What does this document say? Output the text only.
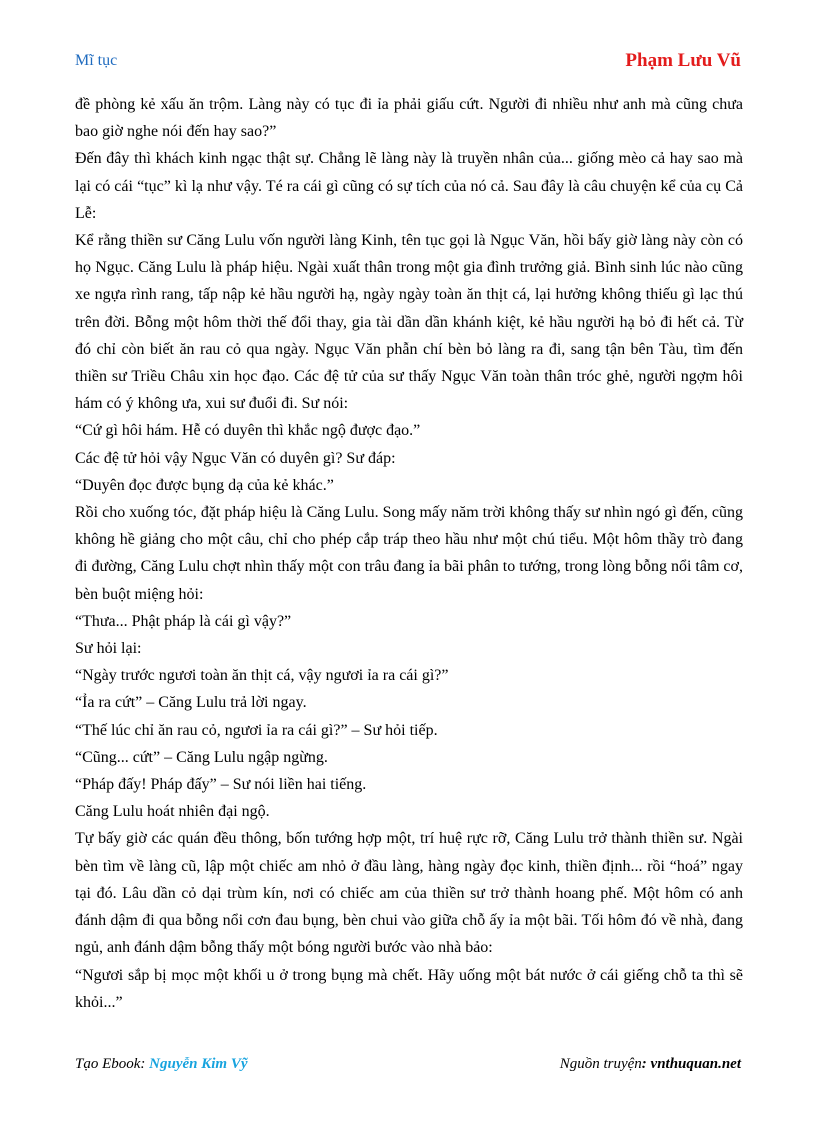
Mĩ tục	Phạm Lưu Vũ

đề phòng kẻ xấu ăn trộm. Làng này có tục đi ỉa phải giấu cứt. Người đi nhiều như anh mà cũng chưa bao giờ nghe nói đến hay sao?”

Đến đây thì khách kinh ngạc thật sự. Chẳng lẽ làng này là truyền nhân của... giống mèo cả hay sao mà lại có cái “tục” kì lạ như vậy. Té ra cái gì cũng có sự tích của nó cả. Sau đây là câu chuyện kể của cụ Cả Lễ:

Kể rằng thiền sư Căng Lulu vốn người làng Kinh, tên tục gọi là Ngục Văn, hồi bấy giờ làng này còn có họ Ngục. Căng Lulu là pháp hiệu. Ngài xuất thân trong một gia đình trưởng giả. Bình sinh lúc nào cũng xe ngựa rình rang, tấp nập kẻ hầu người hạ, ngày ngày toàn ăn thịt cá, lại hưởng không thiếu gì lạc thú trên đời. Bỗng một hôm thời thế đổi thay, gia tài dần dần khánh kiệt, kẻ hầu người hạ bỏ đi hết cả. Từ đó chỉ còn biết ăn rau cỏ qua ngày. Ngục Văn phẫn chí bèn bỏ làng ra đi, sang tận bên Tàu, tìm đến thiền sư Triều Châu xin học đạo. Các đệ tử của sư thấy Ngục Văn toàn thân tróc ghẻ, người ngợm hôi hám có ý không ưa, xui sư đuổi đi. Sư nói:

“Cứ gì hôi hám. Hễ có duyên thì khắc ngộ được đạo.”

Các đệ tử hỏi vậy Ngục Văn có duyên gì? Sư đáp:

“Duyên đọc được bụng dạ của kẻ khác.”

Rồi cho xuống tóc, đặt pháp hiệu là Căng Lulu. Song mấy năm trời không thấy sư nhìn ngó gì đến, cũng không hề giảng cho một câu, chỉ cho phép cắp tráp theo hầu như một chú tiểu. Một hôm thầy trò đang đi đường, Căng Lulu chợt nhìn thấy một con trâu đang ỉa bãi phân to tướng, trong lòng bỗng nổi tâm cơ, bèn buột miệng hỏi:

“Thưa... Phật pháp là cái gì vậy?”

Sư hỏi lại:

“Ngày trước ngươi toàn ăn thịt cá, vậy ngươi ỉa ra cái gì?”

“Ỉa ra cứt” – Căng Lulu trả lời ngay.

“Thế lúc chỉ ăn rau cỏ, ngươi ỉa ra cái gì?” – Sư hỏi tiếp.

“Cũng... cứt” – Căng Lulu ngập ngừng.

“Pháp đấy! Pháp đấy” – Sư nói liền hai tiếng.

Căng Lulu hoát nhiên đại ngộ.

Tự bấy giờ các quán đều thông, bốn tướng hợp một, trí huệ rực rỡ, Căng Lulu trở thành thiền sư. Ngài bèn tìm về làng cũ, lập một chiếc am nhỏ ở đầu làng, hàng ngày đọc kinh, thiền định... rồi “hoá” ngay tại đó. Lâu dần cỏ dại trùm kín, nơi có chiếc am của thiền sư trở thành hoang phế. Một hôm có anh đánh dậm đi qua bỗng nổi cơn đau bụng, bèn chui vào giữa chỗ ấy ỉa một bãi. Tối hôm đó về nhà, đang ngủ, anh đánh dậm bỗng thấy một bóng người bước vào nhà bảo:

“Ngươi sắp bị mọc một khối u ở trong bụng mà chết. Hãy uống một bát nước ở cái giếng chỗ ta thì sẽ khỏi...”

Tạo Ebook: Nguyễn Kim Vỹ	Nguồn truyện: vnthuquan.net
